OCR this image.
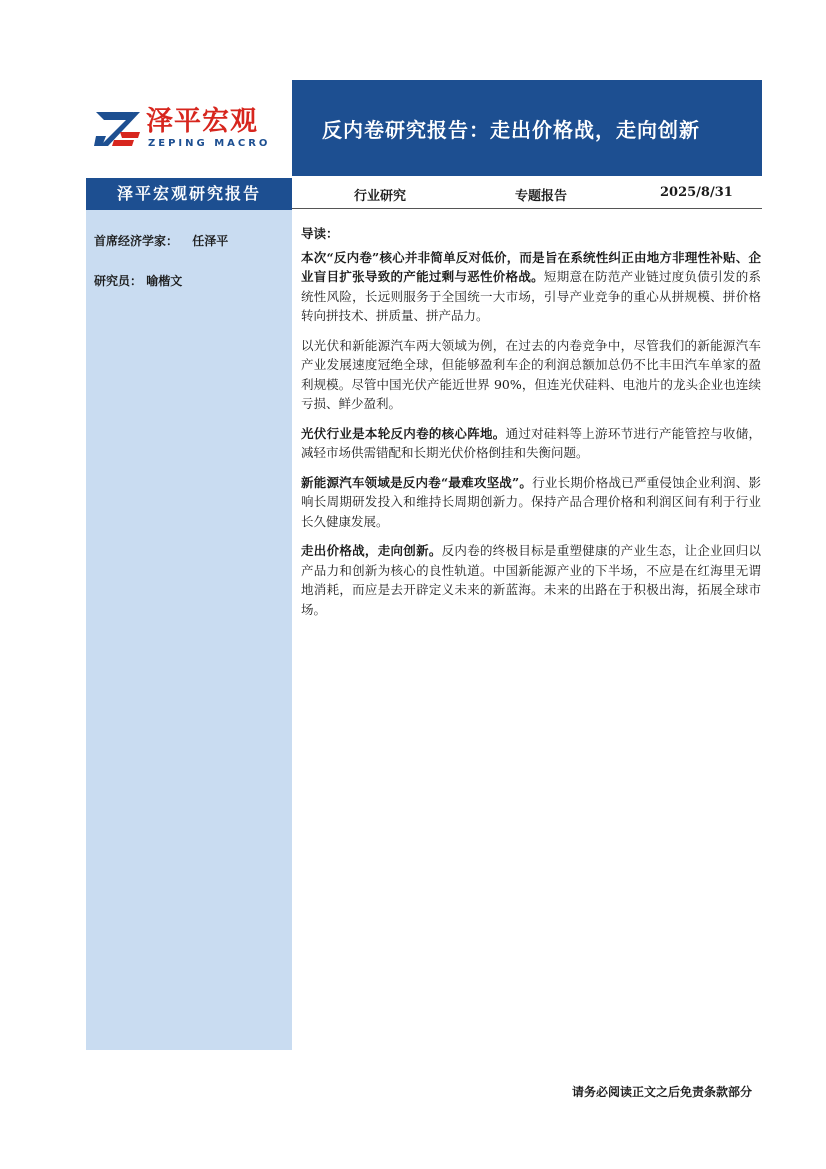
泽平宏观
ZEPING MACRO
反内卷研究报告：走出价格战，走向创新
泽平宏观研究报告
首席经济学家： 任泽平
研究员： 喻楷文
行业研究	专题报告	2025/8/31

导读：

本次“反内卷”核心并非简单反对低价，而是旨在系统性纠正由地方非理性补贴、企业盲目扩张导致的产能过剩与恶性价格战。短期意在防范产业链过度负债引发的系统性风险，长远则服务于全国统一大市场，引导产业竞争的重心从拼规模、拼价格转向拼技术、拼质量、拼产品力。

以光伏和新能源汽车两大领域为例，在过去的内卷竞争中，尽管我们的新能源汽车产业发展速度冠绝全球，但能够盈利车企的利润总额加总仍不比丰田汽车单家的盈利规模。尽管中国光伏产能近世界 90%，但连光伏硅料、电池片的龙头企业也连续亏损、鲜少盈利。

光伏行业是本轮反内卷的核心阵地。通过对硅料等上游环节进行产能管控与收储，减轻市场供需错配和长期光伏价格倒挂和失衡问题。

新能源汽车领域是反内卷“最难攻坚战”。行业长期价格战已严重侵蚀企业利润、影响长周期研发投入和维持长周期创新力。保持产品合理价格和利润区间有利于行业长久健康发展。

走出价格战，走向创新。反内卷的终极目标是重塑健康的产业生态，让企业回归以产品力和创新为核心的良性轨道。中国新能源产业的下半场，不应是在红海里无谓地消耗，而应是去开辟定义未来的新蓝海。未来的出路在于积极出海，拓展全球市场。

请务必阅读正文之后免责条款部分
